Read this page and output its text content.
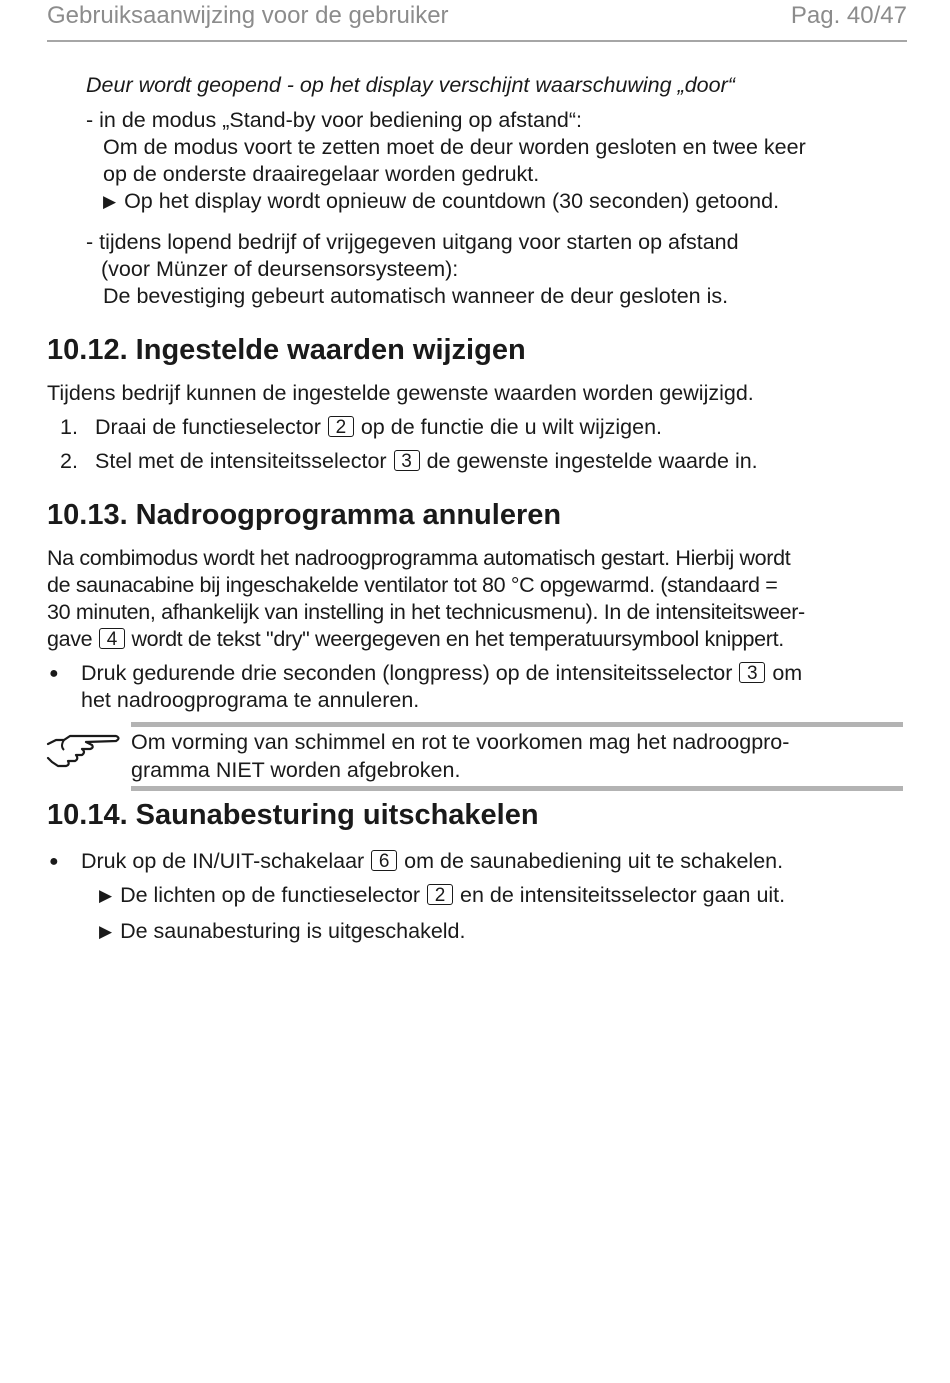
Gebruiksaanwijzing voor de gebruiker	Pag. 40/47
Deur wordt geopend - op het display verschijnt waarschuwing „door“
- in de modus „Stand-by voor bediening op afstand“:
Om de modus voort te zetten moet de deur worden gesloten en twee keer
op de onderste draairegelaar worden gedrukt.
▶ Op het display wordt opnieuw de countdown (30 seconden) getoond.
- tijdens lopend bedrijf of vrijgegeven uitgang voor starten op afstand
(voor Münzer of deursensorsysteem):
De bevestiging gebeurt automatisch wanneer de deur gesloten is.
10.12. Ingestelde waarden wijzigen
Tijdens bedrijf kunnen de ingestelde gewenste waarden worden gewijzigd.
1. Draai de functieselector 2 op de functie die u wilt wijzigen.
2. Stel met de intensiteitsselector 3 de gewenste ingestelde waarde in.
10.13. Nadroogprogramma annuleren
Na combimodus wordt het nadroogprogramma automatisch gestart. Hierbij wordt
de saunacabine bij ingeschakelde ventilator tot 80 °C opgewarmd. (standaard =
30 minuten, afhankelijk van instelling in het technicusmenu). In de intensiteitsweer-
gave 4 wordt de tekst "dry" weergegeven en het temperatuursymbool knippert.
● Druk gedurende drie seconden (longpress) op de intensiteitsselector 3 om
het nadroogprograma te annuleren.
Om vorming van schimmel en rot te voorkomen mag het nadroogpro-
gramma NIET worden afgebroken.
10.14. Saunabesturing uitschakelen
● Druk op de IN/UIT-schakelaar 6 om de saunabediening uit te schakelen.
▶ De lichten op de functieselector 2 en de intensiteitsselector gaan uit.
▶ De saunabesturing is uitgeschakeld.
